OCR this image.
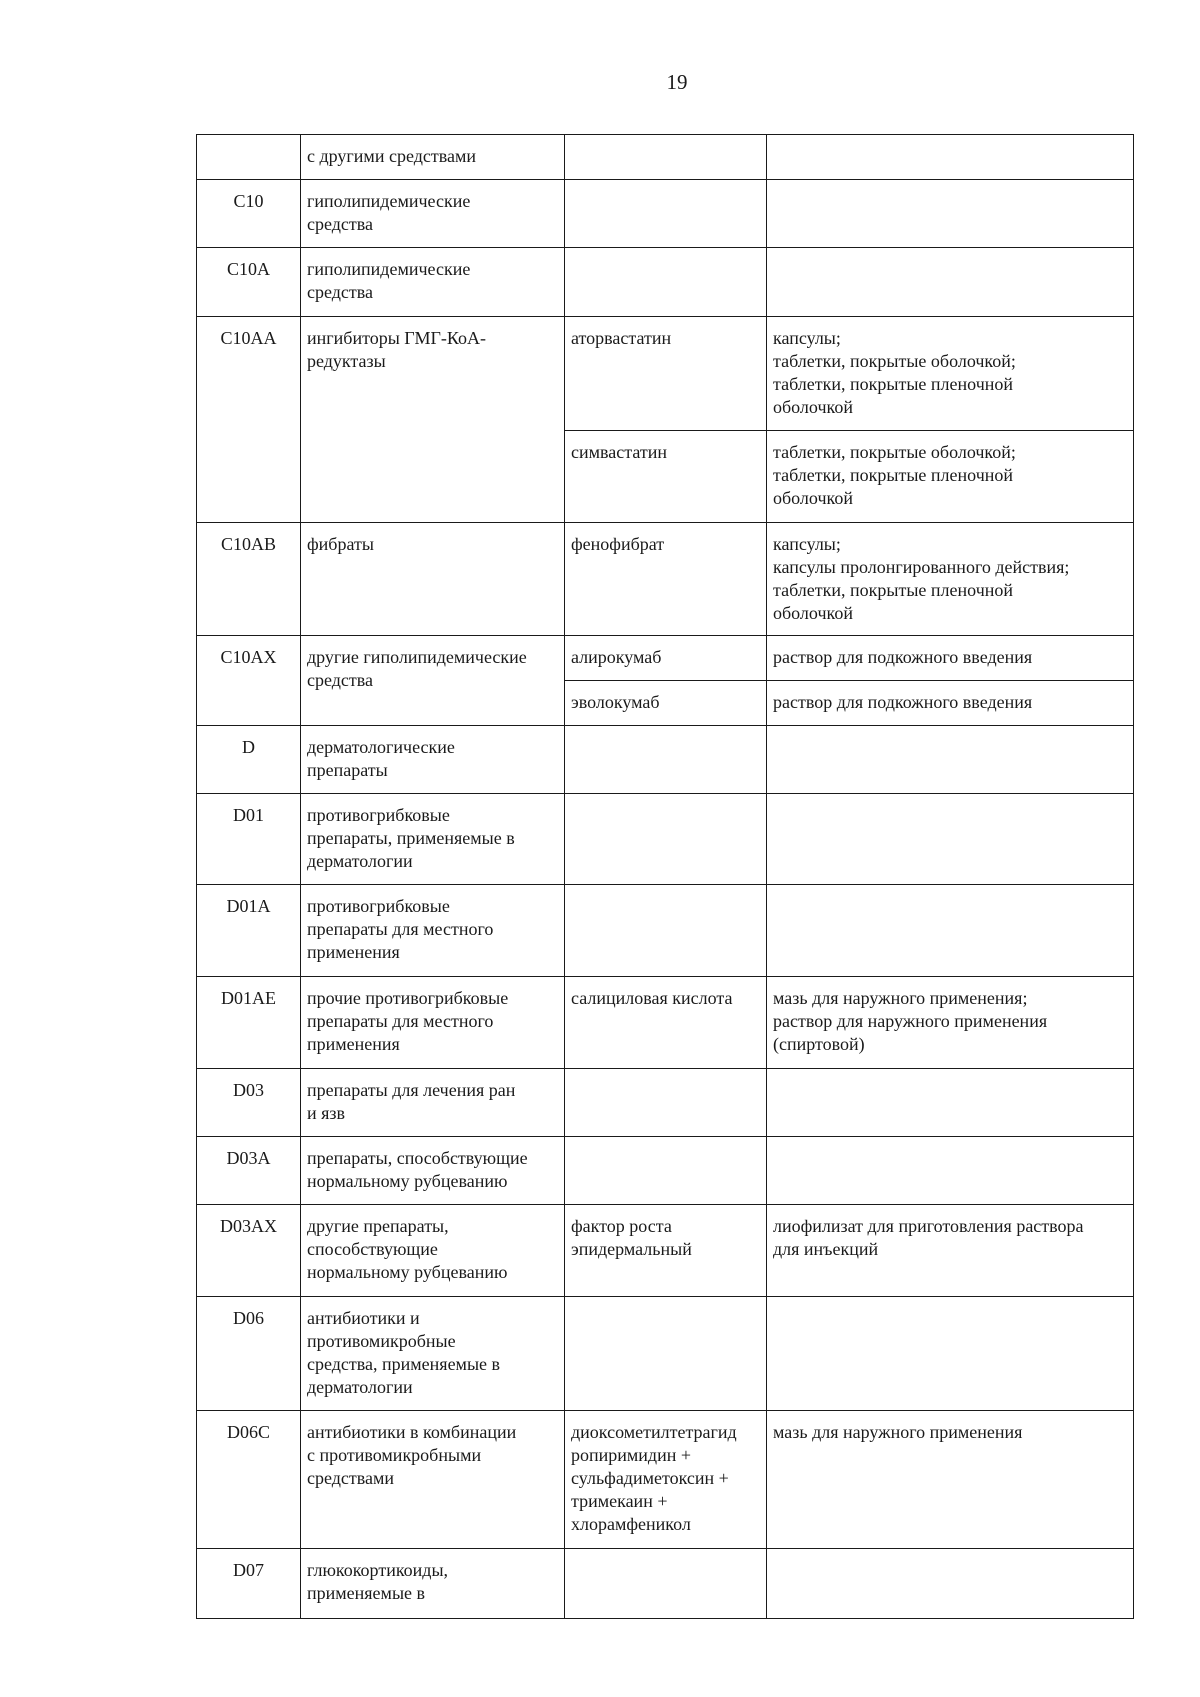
19
	с другими средствами		
C10	гиполипидемические
средства		
C10A	гиполипидемические
средства		
C10AA	ингибиторы ГМГ-КоА-
редуктазы	аторвастатин	капсулы;
таблетки, покрытые оболочкой;
таблетки, покрытые пленочной
оболочкой
		симвастатин	таблетки, покрытые оболочкой;
таблетки, покрытые пленочной
оболочкой
C10AB	фибраты	фенофибрат	капсулы;
капсулы пролонгированного действия;
таблетки, покрытые пленочной
оболочкой
C10AX	другие гиполипидемические
средства	алирокумаб	раствор для подкожного введения
		эволокумаб	раствор для подкожного введения
D	дерматологические
препараты		
D01	противогрибковые
препараты, применяемые в
дерматологии		
D01A	противогрибковые
препараты для местного
применения		
D01AE	прочие противогрибковые
препараты для местного
применения	салициловая кислота	мазь для наружного применения;
раствор для наружного применения
(спиртовой)
D03	препараты для лечения ран
и язв		
D03A	препараты, способствующие
нормальному рубцеванию		
D03AX	другие препараты,
способствующие
нормальному рубцеванию	фактор роста
эпидермальный	лиофилизат для приготовления раствора
для инъекций
D06	антибиотики и
противомикробные
средства, применяемые в
дерматологии		
D06C	антибиотики в комбинации
с противомикробными
средствами	диоксометилтетрагид
ропиримидин +
сульфадиметоксин +
тримекаин +
хлорамфеникол	мазь для наружного применения
D07	глюкокортикоиды,
применяемые в		
